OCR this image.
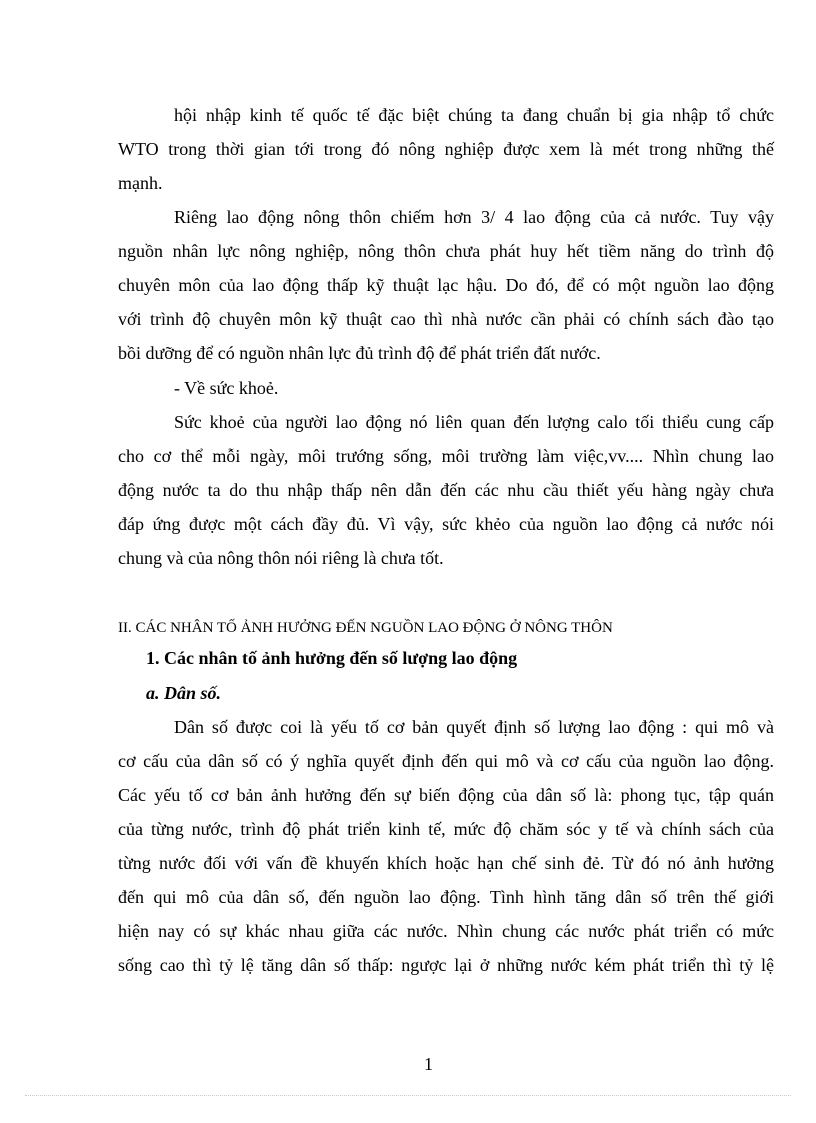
hội nhập kinh tế quốc tế đặc biệt chúng ta đang chuẩn bị gia nhập tổ chức
WTO trong thời gian tới trong đó nông nghiệp được xem là mét trong những thế
mạnh.
Riêng lao động nông thôn chiếm hơn 3/ 4 lao động của cả nước. Tuy vậy
nguồn nhân lực nông nghiệp, nông thôn chưa phát huy hết tiềm năng do trình độ
chuyên môn của lao động thấp kỹ thuật lạc hậu. Do đó, để có một nguồn lao động
với trình độ chuyên môn kỹ thuật cao thì nhà nước cần phải có chính sách đào tạo
bồi dưỡng để có nguồn nhân lực đủ trình độ để phát triển đất nước.
- Về sức khoẻ.
Sức khoẻ của người lao động nó liên quan đến lượng calo tối thiểu cung cấp
cho cơ thể mỗi ngày, môi trướng sống, môi trường làm việc,vv.... Nhìn chung lao
động nước ta do thu nhập thấp nên dẫn đến các nhu cầu thiết yếu hàng ngày chưa
đáp ứng được một cách đầy đủ. Vì vậy, sức khẻo của nguồn lao động cả nước nói
chung và của nông thôn nói riêng là chưa tốt.
II. CÁC NHÂN TỐ ẢNH HƯỞNG ĐẾN NGUỒN LAO ĐỘNG Ở NÔNG THÔN
1. Các nhân tố ảnh hưởng đến số lượng lao động
a. Dân số.
Dân số được coi là yếu tố cơ bản quyết định số lượng lao động : qui mô và
cơ cấu của dân số có ý nghĩa quyết định đến qui mô và cơ cấu của nguồn lao động.
Các yếu tố cơ bản ảnh hưởng đến sự biến động của dân số là: phong tục, tập quán
của từng nước, trình độ phát triển kinh tế, mức độ chăm sóc y tế và chính sách của
từng nước đối với vấn đề khuyến khích hoặc hạn chế sinh đẻ. Từ đó nó ảnh hưởng
đến qui mô của dân số, đến nguồn lao động. Tình hình tăng dân số trên thế giới
hiện nay có sự khác nhau giữa các nước. Nhìn chung các nước phát triển có mức
sống cao thì tỷ lệ tăng dân số thấp: ngược lại ở những nước kém phát triển thì tỷ lệ
1
